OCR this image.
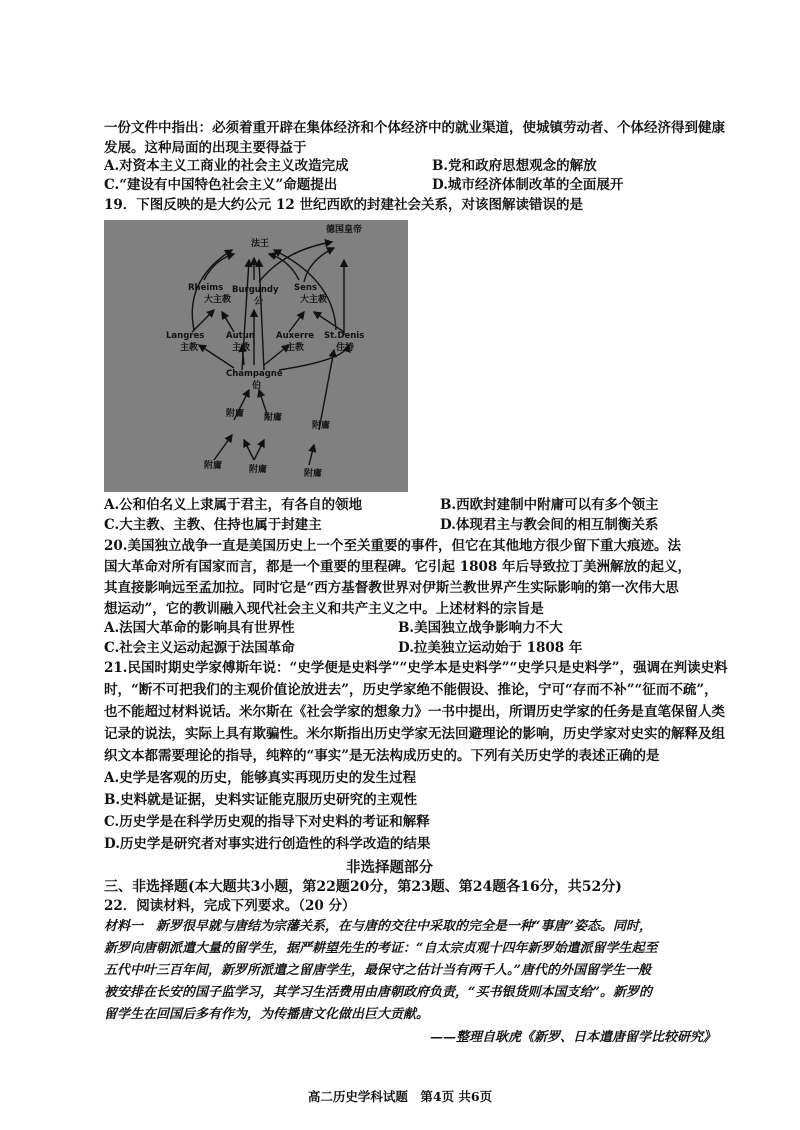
一份文件中指出：必须着重开辟在集体经济和个体经济中的就业渠道，使城镇劳动者、个体经济得到健康
发展。这种局面的出现主要得益于
A.对资本主义工商业的社会主义改造完成	B.党和政府思想观念的解放
C.“建设有中国特色社会主义”命题提出	D.城市经济体制改革的全面展开
19．下图反映的是大约公元 12 世纪西欧的封建社会关系，对该图解读错误的是
法王
德国皇帝
Rheims
大主教
Burgundy
公
Sens
大主教
Langres
主教
Autun
主教
Auxerre
主教
St.Denis
住持
Champagne
伯
附庸 附庸
附庸
附庸	附庸	附庸
A.公和伯名义上隶属于君主，有各自的领地	B.西欧封建制中附庸可以有多个领主
C.大主教、主教、住持也属于封建主	D.体现君主与教会间的相互制衡关系
20.美国独立战争一直是美国历史上一个至关重要的事件，但它在其他地方很少留下重大痕迹。法
国大革命对所有国家而言，都是一个重要的里程碑。它引起 1808 年后导致拉丁美洲解放的起义，
其直接影响远至孟加拉。同时它是“西方基督教世界对伊斯兰教世界产生实际影响的第一次伟大思
想运动”，它的教训融入现代社会主义和共产主义之中。上述材料的宗旨是
A.法国大革命的影响具有世界性	B.美国独立战争影响力不大
C.社会主义运动起源于法国革命	D.拉美独立运动始于 1808 年
21.民国时期史学家傅斯年说：“史学便是史料学”“史学本是史料学”“史学只是史料学”，强调在判读史料
时，“断不可把我们的主观价值论放进去”，历史学家绝不能假设、推论，宁可“存而不补”“征而不疏”，
也不能超过材料说话。米尔斯在《社会学家的想象力》一书中提出，所谓历史学家的任务是直笔保留人类
记录的说法，实际上具有欺骗性。米尔斯指出历史学家无法回避理论的影响，历史学家对史实的解释及组
织文本都需要理论的指导，纯粹的“事实”是无法构成历史的。下列有关历史学的表述正确的是
A.史学是客观的历史，能够真实再现历史的发生过程
B.史料就是证据，史料实证能克服历史研究的主观性
C.历史学是在科学历史观的指导下对史料的考证和解释
D.历史学是研究者对事实进行创造性的科学改造的结果
非选择题部分
三、非选择题(本大题共3小题，第22题20分，第23题、第24题各16分，共52分)
22．阅读材料，完成下列要求。（20 分）
材料一　新罗很早就与唐结为宗藩关系，在与唐的交往中采取的完全是一种“事唐”姿态。同时，
新罗向唐朝派遣大量的留学生，据严耕望先生的考证：“自太宗贞观十四年新罗始遣派留学生起至
五代中叶三百年间，新罗所派遣之留唐学生，最保守之估计当有两千人。”唐代的外国留学生一般
被安排在长安的国子监学习，其学习生活费用由唐朝政府负责，“买书银货则本国支给”。新罗的
留学生在回国后多有作为，为传播唐文化做出巨大贡献。
——整理自耿虎《新罗、日本遣唐留学比较研究》
高二历史学科试题　第4页 共6页
